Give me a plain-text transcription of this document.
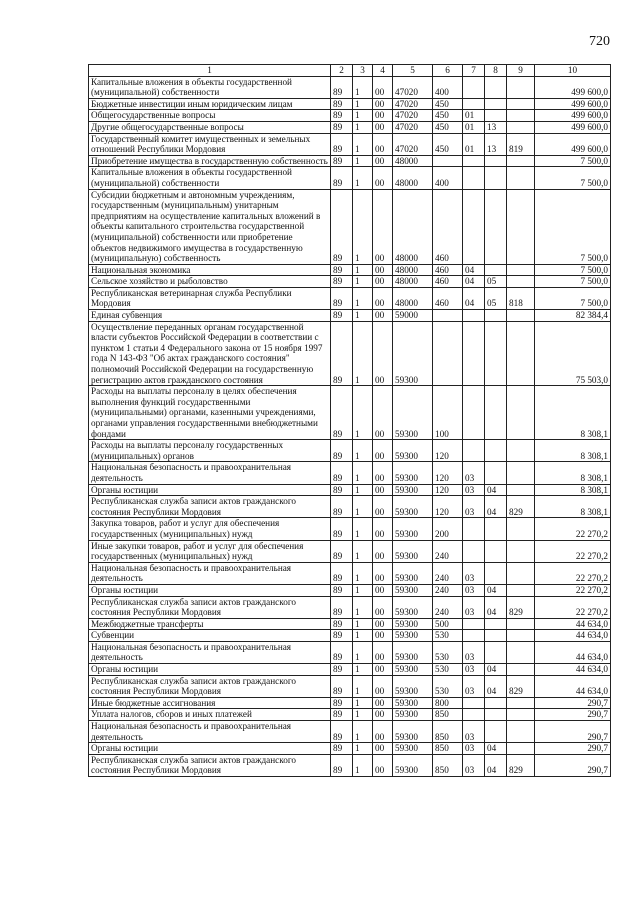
720
1	2	3	4	5	6	7	8	9	10
Капитальные вложения в объекты государственной (муниципальной) собственности	89	1	00	47020	400				499 600,0
Бюджетные инвестиции иным юридическим лицам	89	1	00	47020	450				499 600,0
Общегосударственные вопросы	89	1	00	47020	450	01			499 600,0
Другие общегосударственные вопросы	89	1	00	47020	450	01	13		499 600,0
Государственный комитет имущественных и земельных отношений Республики Мордовия	89	1	00	47020	450	01	13	819	499 600,0
Приобретение имущества в государственную собственность	89	1	00	48000					7 500,0
Капитальные вложения в объекты государственной (муниципальной) собственности	89	1	00	48000	400				7 500,0
Субсидии бюджетным и автономным учреждениям, государственным (муниципальным) унитарным предприятиям на осуществление капитальных вложений в объекты капитального строительства государственной (муниципальной) собственности или приобретение объектов недвижимого имущества в государственную (муниципальную) собственность	89	1	00	48000	460				7 500,0
Национальная экономика	89	1	00	48000	460	04			7 500,0
Сельское хозяйство и рыболовство	89	1	00	48000	460	04	05		7 500,0
Республиканская ветеринарная служба Республики Мордовия	89	1	00	48000	460	04	05	818	7 500,0
Единая субвенция	89	1	00	59000					82 384,4
Осуществление переданных органам государственной власти субъектов Российской Федерации в соответствии с пунктом 1 статьи 4 Федерального закона от 15 ноября 1997 года N 143-ФЗ "Об актах гражданского состояния" полномочий Российской Федерации на государственную регистрацию актов гражданского состояния	89	1	00	59300					75 503,0
Расходы на выплаты персоналу в целях обеспечения выполнения функций государственными (муниципальными) органами, казенными учреждениями, органами управления государственными внебюджетными фондами	89	1	00	59300	100				8 308,1
Расходы на выплаты персоналу государственных (муниципальных) органов	89	1	00	59300	120				8 308,1
Национальная безопасность и правоохранительная деятельность	89	1	00	59300	120	03			8 308,1
Органы юстиции	89	1	00	59300	120	03	04		8 308,1
Республиканская служба записи актов гражданского состояния Республики Мордовия	89	1	00	59300	120	03	04	829	8 308,1
Закупка товаров, работ и услуг для обеспечения государственных (муниципальных) нужд	89	1	00	59300	200				22 270,2
Иные закупки товаров, работ и услуг для обеспечения государственных (муниципальных) нужд	89	1	00	59300	240				22 270,2
Национальная безопасность и правоохранительная деятельность	89	1	00	59300	240	03			22 270,2
Органы юстиции	89	1	00	59300	240	03	04		22 270,2
Республиканская служба записи актов гражданского состояния Республики Мордовия	89	1	00	59300	240	03	04	829	22 270,2
Межбюджетные трансферты	89	1	00	59300	500				44 634,0
Субвенции	89	1	00	59300	530				44 634,0
Национальная безопасность и правоохранительная деятельность	89	1	00	59300	530	03			44 634,0
Органы юстиции	89	1	00	59300	530	03	04		44 634,0
Республиканская служба записи актов гражданского состояния Республики Мордовия	89	1	00	59300	530	03	04	829	44 634,0
Иные бюджетные ассигнования	89	1	00	59300	800				290,7
Уплата налогов, сборов и иных платежей	89	1	00	59300	850				290,7
Национальная безопасность и правоохранительная деятельность	89	1	00	59300	850	03			290,7
Органы юстиции	89	1	00	59300	850	03	04		290,7
Республиканская служба записи актов гражданского состояния Республики Мордовия	89	1	00	59300	850	03	04	829	290,7
